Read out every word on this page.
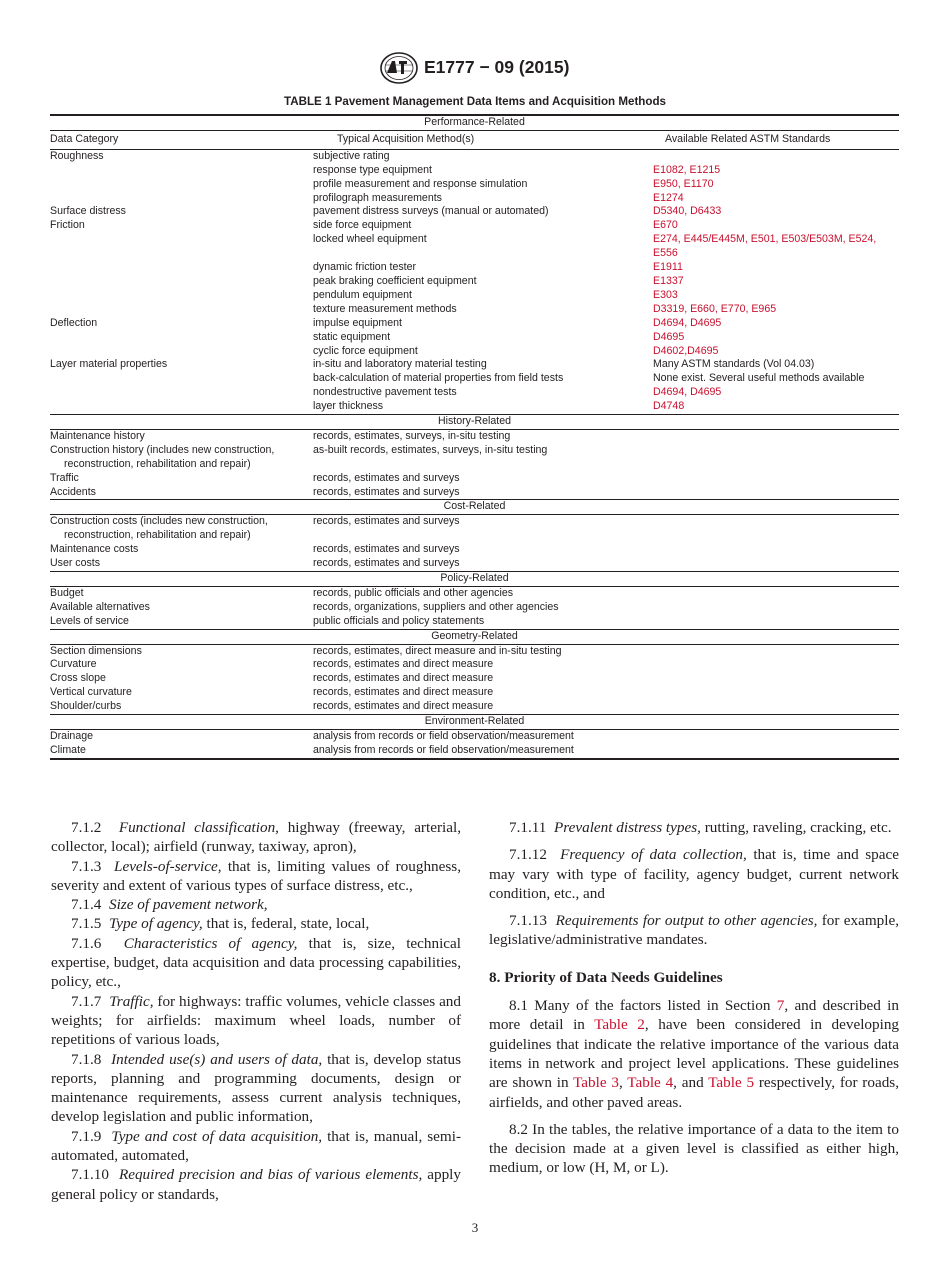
E1777 − 09 (2015)
TABLE 1 Pavement Management Data Items and Acquisition Methods
Performance-Related		
Data Category	Typical Acquisition Method(s)	Available Related ASTM Standards
Roughness	subjective rating	
	response type equipment	E1082, E1215
	profile measurement and response simulation	E950, E1170
	profilograph measurements	E1274
Surface distress	pavement distress surveys (manual or automated)	D5340, D6433
Friction	side force equipment	E670
	locked wheel equipment	E274, E445/E445M, E501, E503/E503M, E524, E556
	dynamic friction tester	E1911
	peak braking coefficient equipment	E1337
	pendulum equipment	E303
	texture measurement methods	D3319, E660, E770, E965
Deflection	impulse equipment	D4694, D4695
	static equipment	D4695
	cyclic force equipment	D4602,D4695
Layer material properties	in-situ and laboratory material testing	Many ASTM standards (Vol 04.03)
	back-calculation of material properties from field tests	None exist. Several useful methods available
	nondestructive pavement tests	D4694, D4695
	layer thickness	D4748
History-Related		
Maintenance history	records, estimates, surveys, in-situ testing	
Construction history (includes new construction, reconstruction, rehabilitation and repair)	as-built records, estimates, surveys, in-situ testing	
Traffic	records, estimates and surveys	
Accidents	records, estimates and surveys	
Cost-Related		
Construction costs (includes new construction, reconstruction, rehabilitation and repair)	records, estimates and surveys	
Maintenance costs	records, estimates and surveys	
User costs	records, estimates and surveys	
Policy-Related		
Budget	records, public officials and other agencies	
Available alternatives	records, organizations, suppliers and other agencies	
Levels of service	public officials and policy statements	
Geometry-Related		
Section dimensions	records, estimates, direct measure and in-situ testing	
Curvature	records, estimates and direct measure	
Cross slope	records, estimates and direct measure	
Vertical curvature	records, estimates and direct measure	
Shoulder/curbs	records, estimates and direct measure	
Environment-Related		
Drainage	analysis from records or field observation/measurement	
Climate	analysis from records or field observation/measurement	

7.1.2 Functional classification, highway (freeway, arterial, collector, local); airfield (runway, taxiway, apron),

7.1.3 Levels-of-service, that is, limiting values of roughness, severity and extent of various types of surface distress, etc.,

7.1.4 Size of pavement network,

7.1.5 Type of agency, that is, federal, state, local,

7.1.6 Characteristics of agency, that is, size, technical expertise, budget, data acquisition and data processing capabilities, policy, etc.,

7.1.7 Traffic, for highways: traffic volumes, vehicle classes and weights; for airfields: maximum wheel loads, number of repetitions of various loads,

7.1.8 Intended use(s) and users of data, that is, develop status reports, planning and programming documents, design or maintenance requirements, assess current analysis techniques, develop legislation and public information,

7.1.9 Type and cost of data acquisition, that is, manual, semi-automated, automated,

7.1.10 Required precision and bias of various elements, apply general policy or standards,

7.1.11 Prevalent distress types, rutting, raveling, cracking, etc.

7.1.12 Frequency of data collection, that is, time and space may vary with type of facility, agency budget, current network condition, etc., and

7.1.13 Requirements for output to other agencies, for example, legislative/administrative mandates.

8. Priority of Data Needs Guidelines

8.1 Many of the factors listed in Section 7, and described in more detail in Table 2, have been considered in developing guidelines that indicate the relative importance of the various data items in network and project level applications. These guidelines are shown in Table 3, Table 4, and Table 5 respectively, for roads, airfields, and other paved areas.

8.2 In the tables, the relative importance of a data to the item to the decision made at a given level is classified as either high, medium, or low (H, M, or L).

3
